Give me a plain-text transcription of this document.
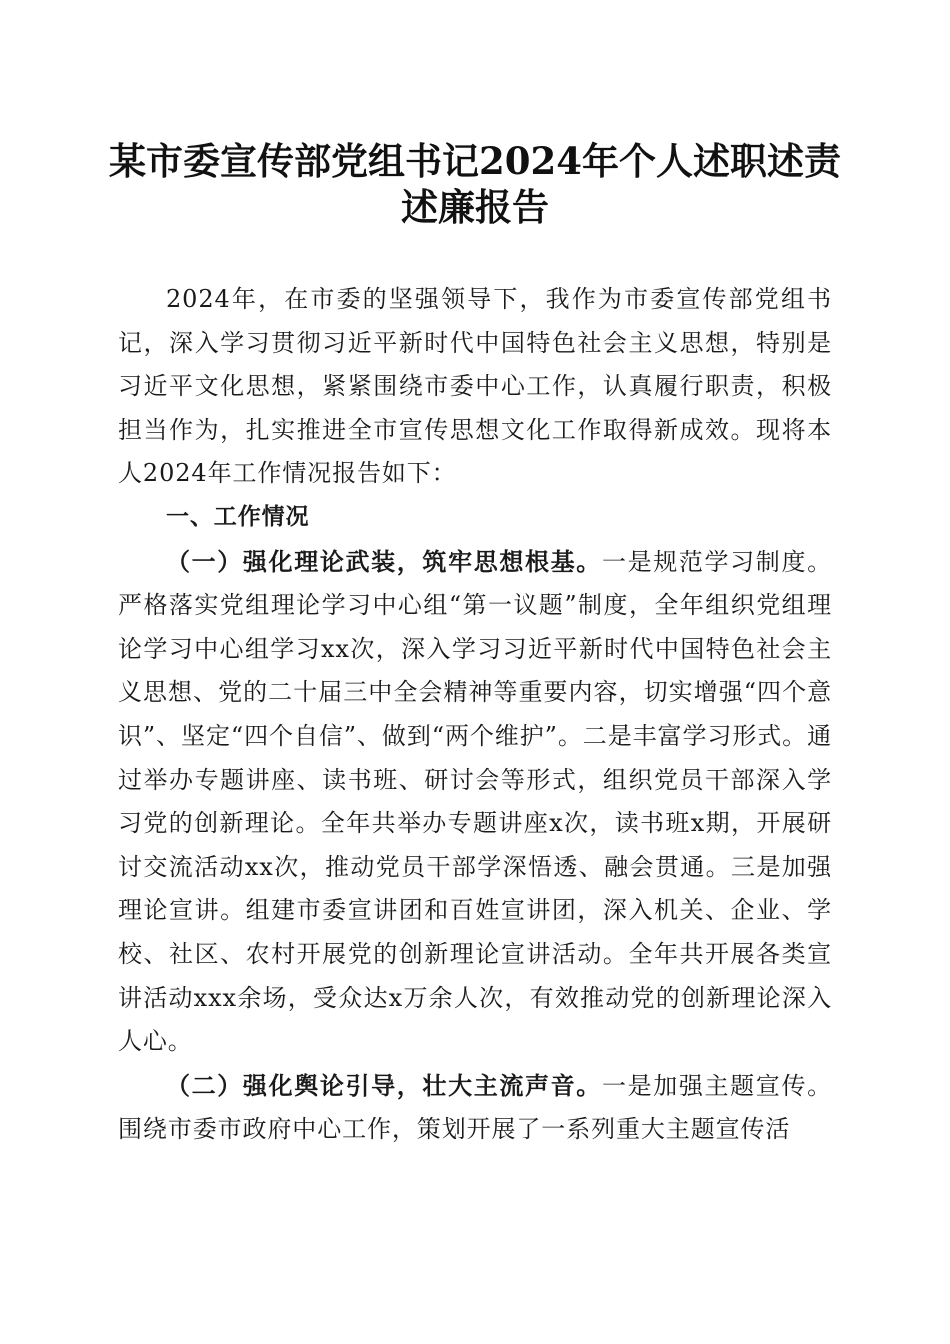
某市委宣传部党组书记2024年个人述职述责
述廉报告

2024年，在市委的坚强领导下，我作为市委宣传部党组书记，深入学习贯彻习近平新时代中国特色社会主义思想，特别是习近平文化思想，紧紧围绕市委中心工作，认真履行职责，积极担当作为，扎实推进全市宣传思想文化工作取得新成效。现将本人2024年工作情况报告如下：

一、工作情况

（一）强化理论武装，筑牢思想根基。一是规范学习制度。严格落实党组理论学习中心组“第一议题”制度，全年组织党组理论学习中心组学习xx次，深入学习习近平新时代中国特色社会主义思想、党的二十届三中全会精神等重要内容，切实增强“四个意识”、坚定“四个自信”、做到“两个维护”。二是丰富学习形式。通过举办专题讲座、读书班、研讨会等形式，组织党员干部深入学习党的创新理论。全年共举办专题讲座x次，读书班x期，开展研讨交流活动xx次，推动党员干部学深悟透、融会贯通。三是加强理论宣讲。组建市委宣讲团和百姓宣讲团，深入机关、企业、学校、社区、农村开展党的创新理论宣讲活动。全年共开展各类宣讲活动xxx余场，受众达x万余人次，有效推动党的创新理论深入人心。

（二）强化舆论引导，壮大主流声音。一是加强主题宣传。围绕市委市政府中心工作，策划开展了一系列重大主题宣传活
